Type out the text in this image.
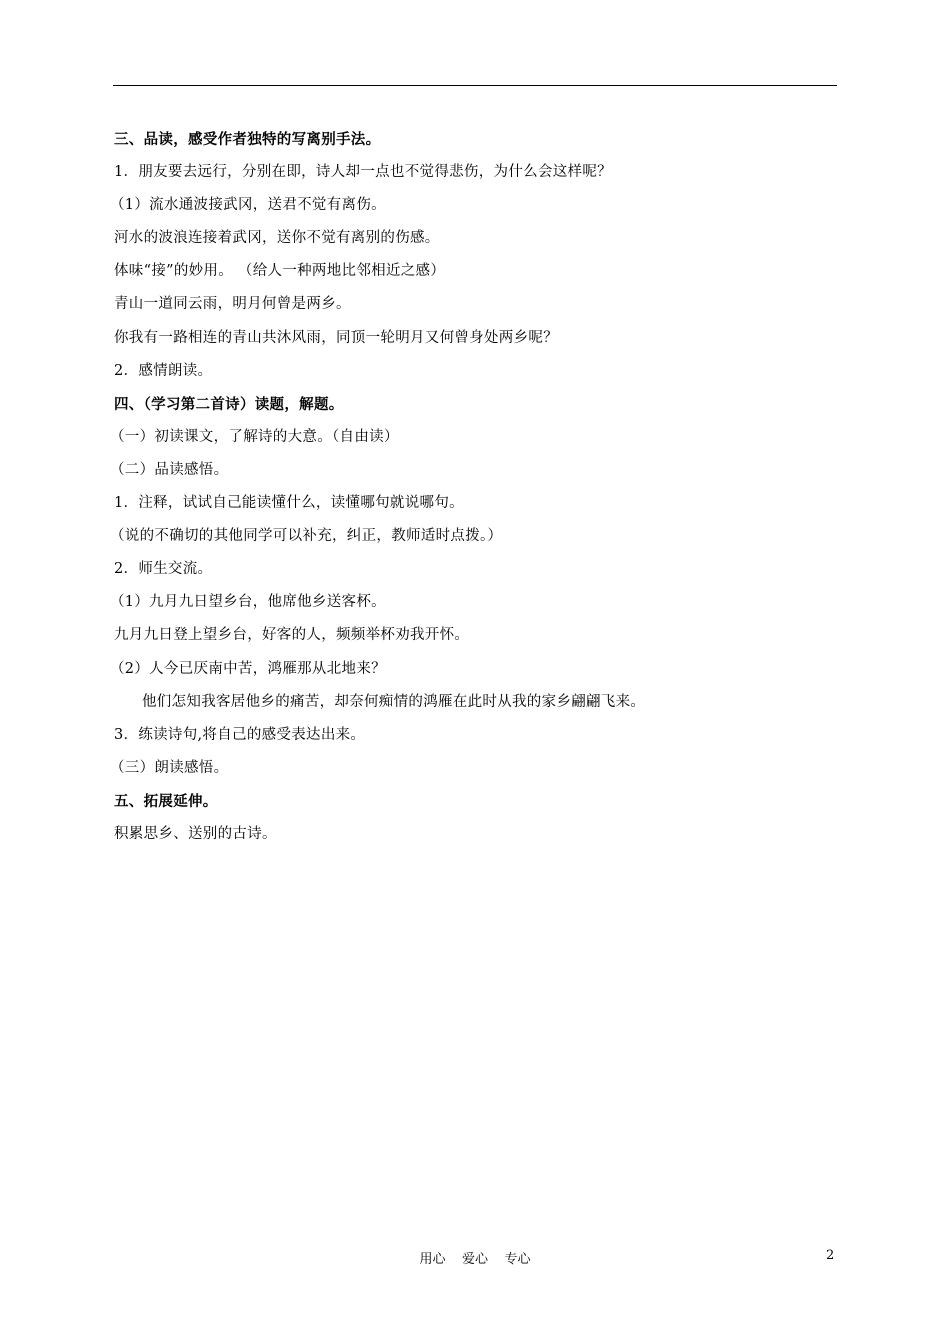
三、品读，感受作者独特的写离别手法。
1．朋友要去远行，分别在即，诗人却一点也不觉得悲伤，为什么会这样呢？
（1）流水通波接武冈，送君不觉有离伤。
河水的波浪连接着武冈，送你不觉有离别的伤感。
体味“接”的妙用。 （给人一种两地比邻相近之感）
青山一道同云雨，明月何曾是两乡。
你我有一路相连的青山共沐风雨，同顶一轮明月又何曾身处两乡呢？
2．感情朗读。
四、（学习第二首诗）读题，解题。
（一）初读课文，了解诗的大意。（自由读）
（二）品读感悟。
1．注释，试试自己能读懂什么，读懂哪句就说哪句。
（说的不确切的其他同学可以补充，纠正，教师适时点拨。）
2．师生交流。
（1）九月九日望乡台，他席他乡送客杯。
九月九日登上望乡台，好客的人，频频举杯劝我开怀。
（2）人今已厌南中苦，鸿雁那从北地来？
他们怎知我客居他乡的痛苦，却奈何痴情的鸿雁在此时从我的家乡翩翩飞来。
3．练读诗句,将自己的感受表达出来。
（三）朗读感悟。
五、拓展延伸。
积累思乡、送别的古诗。
用心    爱心    专心	2
